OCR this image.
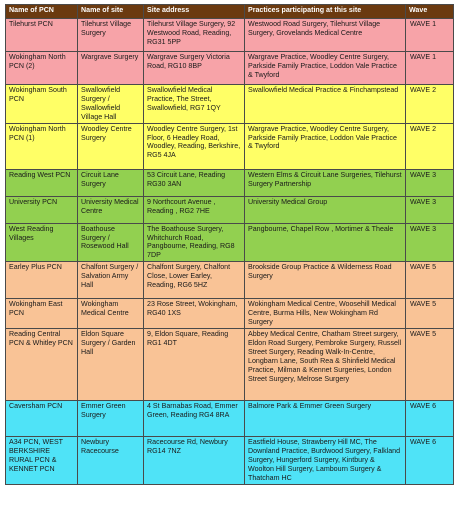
Name of PCN	Name of site	Site address	Practices participating at this site	Wave
Tilehurst PCN	Tilehurst Village Surgery	Tilehurst Village Surgery, 92 Westwood Road, Reading, RG31 5PP	Westwood Road Surgery, Tilehurst Village Surgery, Grovelands Medical Centre	WAVE 1
Wokingham North PCN (2)	Wargrave Surgery	Wargrave Surgery Victoria Road, RG10 8BP	Wargrave Practice, Woodley Centre Surgery, Parkside Family Practice, Loddon Vale Practice & Twyford	WAVE 1
Wokingham South PCN	Swallowfield Surgery / Swallowfield Village Hall	Swallowfield Medical Practice, The Street, Swallowfield, RG7 1QY	Swallowfield Medical Practice & Finchampstead	WAVE 2
Wokingham North PCN (1)	Woodley Centre Surgery	Woodley Centre Surgery, 1st Floor, 6 Headley Road, Woodley, Reading, Berkshire, RG5 4JA	Wargrave Practice, Woodley Centre Surgery, Parkside Family Practice, Loddon Vale Practice & Twyford	WAVE 2
Reading West PCN	Circuit Lane Surgery	53 Circuit Lane, Reading RG30 3AN	Western Elms & Circuit Lane Surgeries, Tilehurst Surgery Partnership	WAVE 3
University PCN	University Medical Centre	9 Northcourt Avenue , Reading , RG2 7HE	University Medical Group	WAVE 3
West Reading Villages	Boathouse Surgery / Rosewood Hall	The Boathouse Surgery, Whitchurch Road, Pangbourne, Reading, RG8 7DP	Pangbourne, Chapel Row , Mortimer & Theale	WAVE 3
Earley Plus PCN	Chalfont Surgery / Salvation Army Hall	Chalfont Surgery, Chalfont Close, Lower Earley, Reading, RG6 5HZ	Brookside Group Practice & Wilderness Road Surgery	WAVE 5
Wokingham East PCN	Wokingham Medical Centre	23 Rose Street, Wokingham, RG40 1XS	Wokingham Medical Centre, Woosehill Medical Centre, Burma Hills, New Wokingham Rd Surgery	WAVE 5
Reading Central PCN & Whitley PCN	Eldon Square Surgery / Garden Hall	9, Eldon Square, Reading RG1 4DT	Abbey Medical Centre, Chatham Street surgery, Eldon Road Surgery, Pembroke Surgery, Russell Street Surgery, Reading Walk-In-Centre, Longbarn Lane, South Rea & Shinfield Medical Practice, Milman & Kennet Surgeries, London Street Surgery, Melrose Surgery	WAVE 5
Caversham PCN	Emmer Green Surgery	4 St Barnabas Road, Emmer Green, Reading RG4 8RA	Balmore Park & Emmer Green Surgery	WAVE 6
A34 PCN, WEST BERKSHIRE RURAL PCN & KENNET PCN	Newbury Racecourse	Racecourse Rd, Newbury RG14 7NZ	Eastfield House, Strawberry Hill MC, The Downland Practice, Burdwood Surgery, Falkland Surgery, Hungerford Surgery, Kintbury & Woolton Hill Surgery, Lambourn Surgery & Thatcham HC	WAVE 6
